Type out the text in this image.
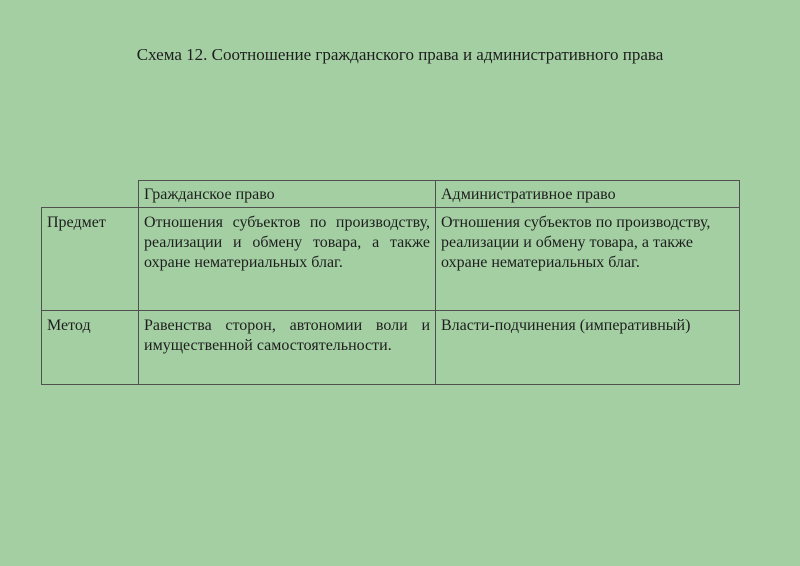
Схема 12. Соотношение гражданского права и административного права
	Гражданское право	Административное право
Предмет	Отношения субъектов по производству, реализации и обмену товара, а также охране нематериальных благ.	Отношения субъектов по производству, реализации и обмену товара, а также охране нематериальных благ.
Метод	Равенства сторон, автономии воли и имущественной самостоятельности.	Власти-подчинения (императивный)
